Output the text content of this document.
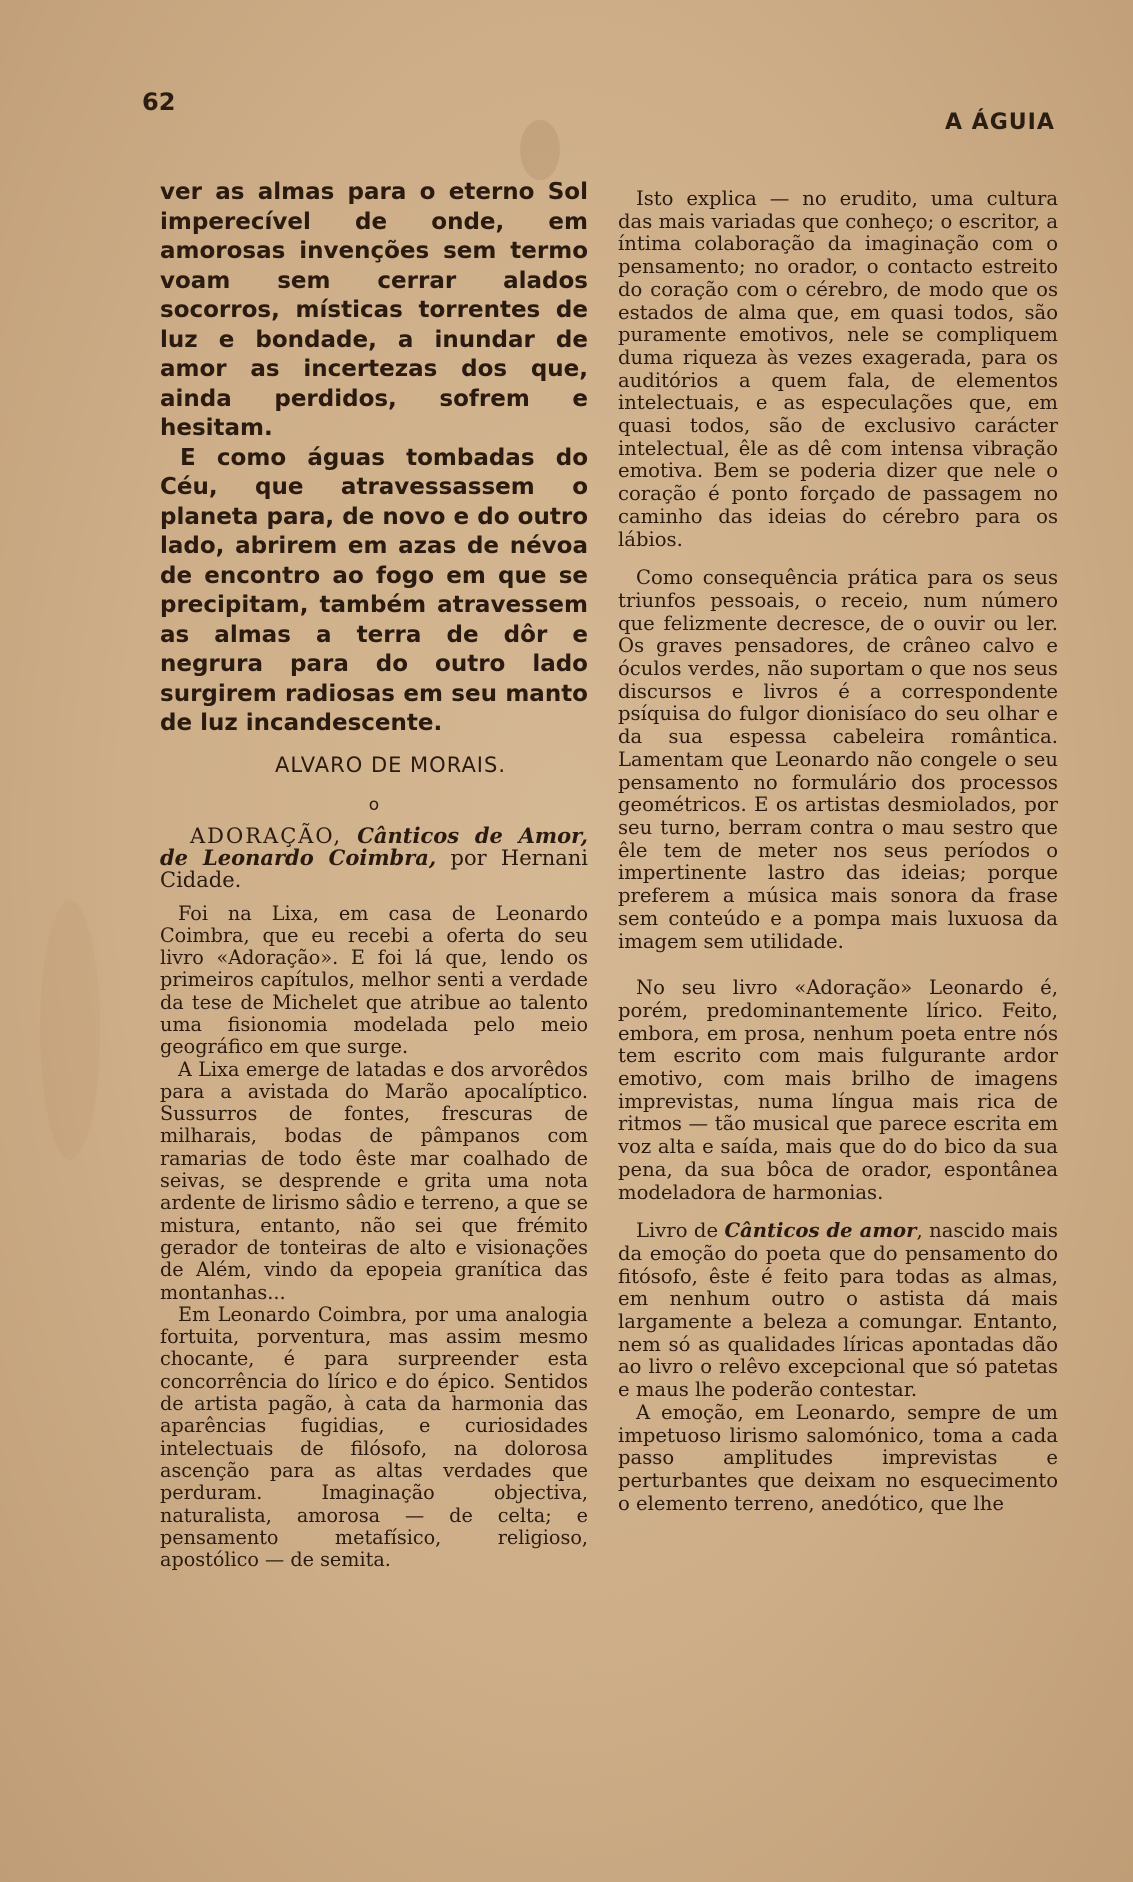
62
A ÁGUIA

ver as almas para o eterno Sol imperecível de onde, em amorosas invenções sem termo voam sem cerrar alados socorros, místicas torrentes de luz e bondade, a inundar de amor as incertezas dos que, ainda perdidos, sofrem e hesitam.

E como águas tombadas do Céu, que atravessassem o planeta para, de novo e do outro lado, abrirem em azas de névoa de encontro ao fogo em que se precipitam, também atravessem as almas a terra de dôr e negrura para do outro lado surgirem radiosas em seu manto de luz incandescente.

ALVARO DE MORAIS.
o

ADORAÇÃO, Cânticos de Amor, de Leonardo Coimbra, por Hernani Cidade.

Foi na Lixa, em casa de Leonardo Coimbra, que eu recebi a oferta do seu livro «Adoração». E foi lá que, lendo os primeiros capítulos, melhor senti a verdade da tese de Michelet que atribue ao talento uma fisionomia modelada pelo meio geográfico em que surge.

A Lixa emerge de latadas e dos arvorêdos para a avistada do Marão apocalíptico. Sussurros de fontes, frescuras de milharais, bodas de pâmpanos com ramarias de todo êste mar coalhado de seivas, se desprende e grita uma nota ardente de lirismo sâdio e terreno, a que se mistura, entanto, não sei que frémito gerador de tonteiras de alto e visionações de Além, vindo da epopeia granítica das montanhas...

Em Leonardo Coimbra, por uma analogia fortuita, porventura, mas assim mesmo chocante, é para surpreender esta concorrência do lírico e do épico. Sentidos de artista pagão, à cata da harmonia das aparências fugidias, e curiosidades intelectuais de filósofo, na dolorosa ascenção para as altas verdades que perduram. Imaginação objectiva, naturalista, amorosa — de celta; e pensamento metafísico, religioso, apostólico — de semita.

Isto explica — no erudito, uma cultura das mais variadas que conheço; o escritor, a íntima colaboração da imaginação com o pensamento; no orador, o contacto estreito do coração com o cérebro, de modo que os estados de alma que, em quasi todos, são puramente emotivos, nele se compliquem duma riqueza às vezes exagerada, para os auditórios a quem fala, de elementos intelectuais, e as especulações que, em quasi todos, são de exclusivo carácter intelectual, êle as dê com intensa vibração emotiva. Bem se poderia dizer que nele o coração é ponto forçado de passagem no caminho das ideias do cérebro para os lábios.

Como consequência prática para os seus triunfos pessoais, o receio, num número que felizmente decresce, de o ouvir ou ler. Os graves pensadores, de crâneo calvo e óculos verdes, não suportam o que nos seus discursos e livros é a correspondente psíquisa do fulgor dionisíaco do seu olhar e da sua espessa cabeleira romântica. Lamentam que Leonardo não congele o seu pensamento no formulário dos processos geométricos. E os artistas desmiolados, por seu turno, berram contra o mau sestro que êle tem de meter nos seus períodos o impertinente lastro das ideias; porque preferem a música mais sonora da frase sem conteúdo e a pompa mais luxuosa da imagem sem utilidade.

No seu livro «Adoração» Leonardo é, porém, predominantemente lírico. Feito, embora, em prosa, nenhum poeta entre nós tem escrito com mais fulgurante ardor emotivo, com mais brilho de imagens imprevistas, numa língua mais rica de ritmos — tão musical que parece escrita em voz alta e saída, mais que do do bico da sua pena, da sua bôca de orador, espontânea modeladora de harmonias.

Livro de Cânticos de amor, nascido mais da emoção do poeta que do pensamento do fitósofo, êste é feito para todas as almas, em nenhum outro o astista dá mais largamente a beleza a comungar. Entanto, nem só as qualidades líricas apontadas dão ao livro o relêvo excepcional que só patetas e maus lhe poderão contestar.

A emoção, em Leonardo, sempre de um impetuoso lirismo salomónico, toma a cada passo amplitudes imprevistas e perturbantes que deixam no esquecimento o elemento terreno, anedótico, que lhe
